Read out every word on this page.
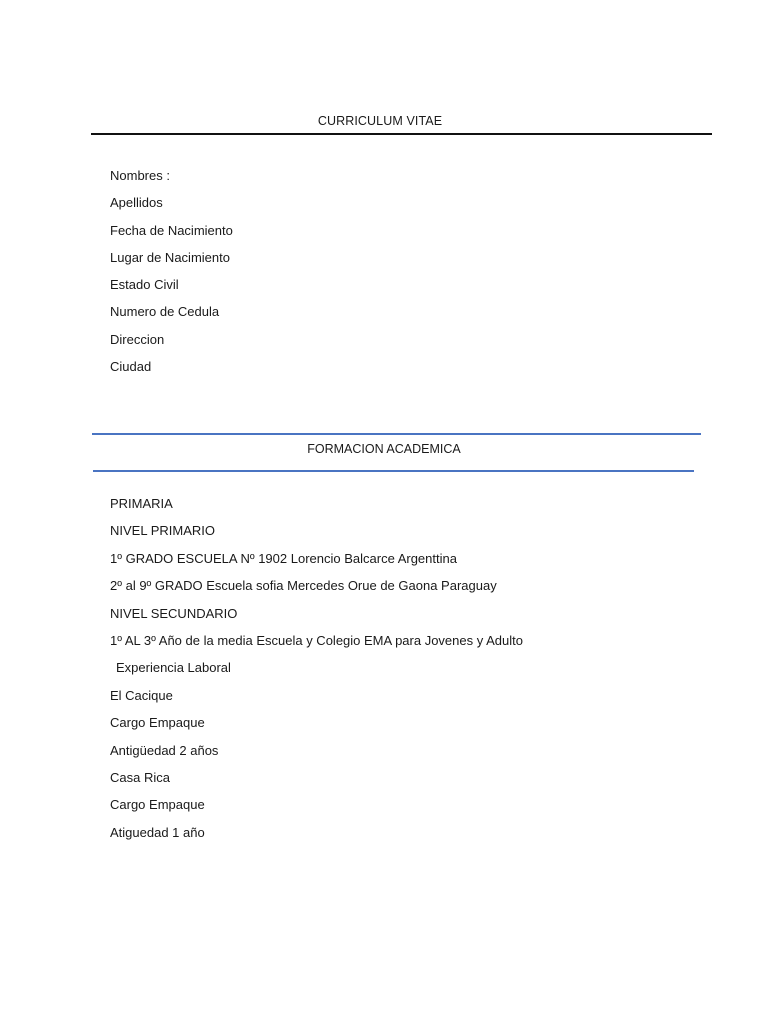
CURRICULUM VITAE
Nombres :
Apellidos
Fecha de Nacimiento
Lugar de Nacimiento
Estado Civil
Numero de Cedula
Direccion
Ciudad
FORMACION ACADEMICA
PRIMARIA
NIVEL PRIMARIO
1º GRADO ESCUELA Nº 1902 Lorencio Balcarce Argenttina
2º al 9º GRADO Escuela sofia Mercedes Orue de Gaona Paraguay
NIVEL SECUNDARIO
1º AL 3º Año de la media Escuela y Colegio EMA para Jovenes y Adulto
Experiencia Laboral
El Cacique
Cargo Empaque
Antigüedad 2 años
Casa Rica
Cargo Empaque
Atiguedad 1 año
